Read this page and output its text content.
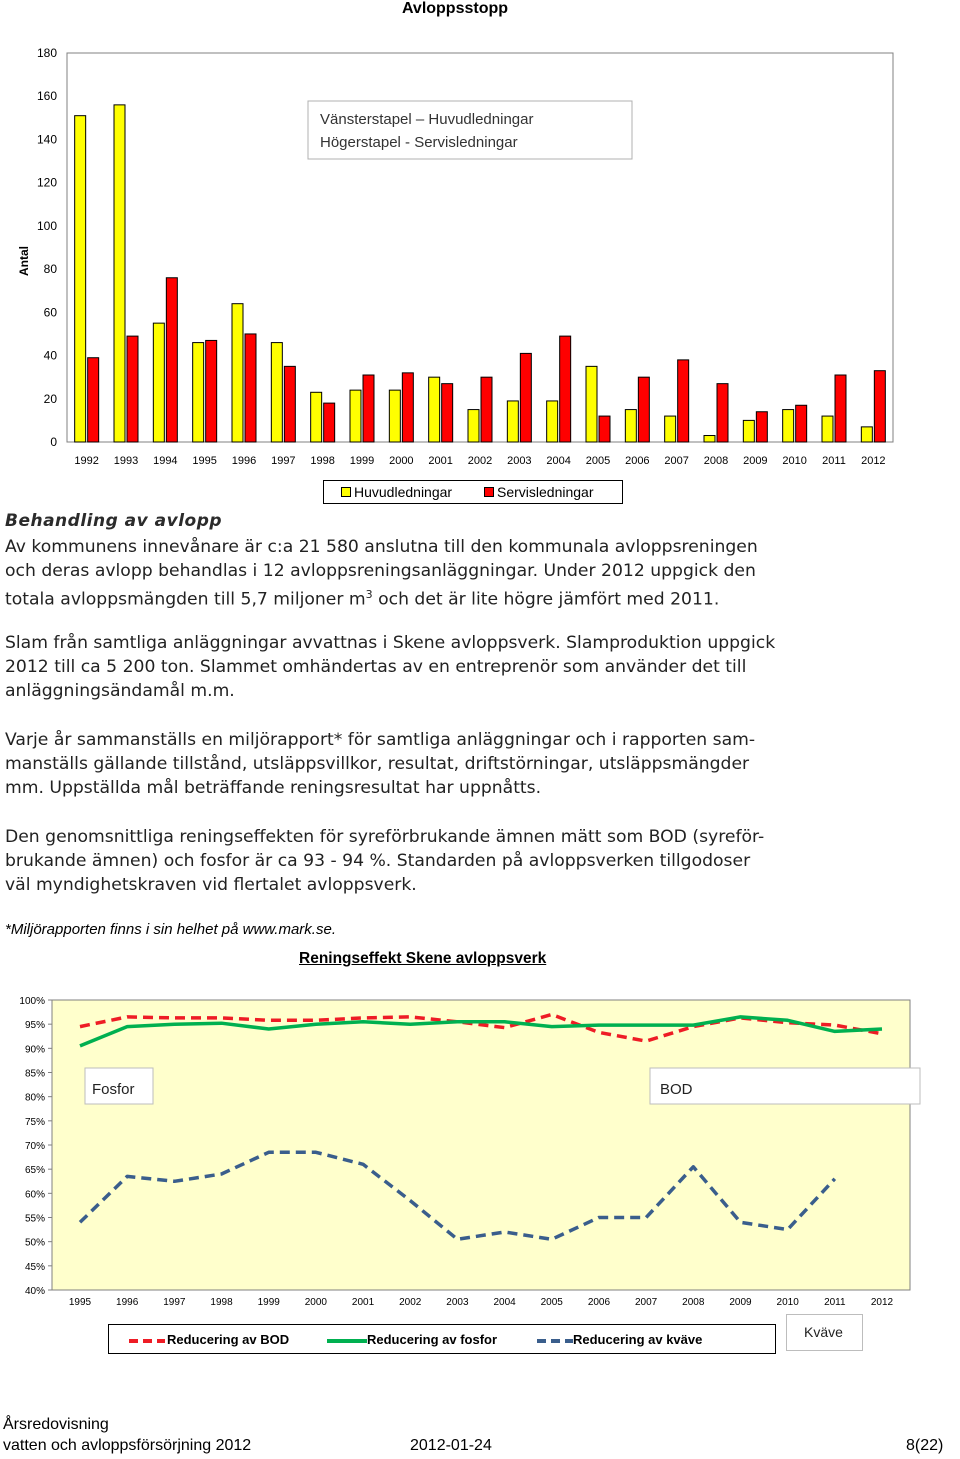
Avloppsstopp
Antal
0
20
40
60
80
100
120
140
160
180
1992 1993 1994 1995 1996 1997 1998 1999 2000 2001 2002 2003 2004 2005 2006 2007 2008 2009 2010 2011 2012
Vänsterstapel – Huvudledningar
Högerstapel - Servisledningar
Huvudledningar	Servisledningar
Behandling av avlopp
Av kommunens innevånare är c:a 21 580 anslutna till den kommunala avloppsreningen
och deras avlopp behandlas i 12 avloppsreningsanläggningar. Under 2012 uppgick den
totala avloppsmängden till 5,7 miljoner $m^3$ och det är lite högre jämfört med 2011.
Slam från samtliga anläggningar avvattnas i Skene avloppsverk. Slamproduktion uppgick
2012 till ca 5 200 ton. Slammet omhändertas av en entreprenör som använder det till
anläggningsändamål m.m.
Varje år sammanställs en miljörapport* för samtliga anläggningar och i rapporten sam-
manställs gällande tillstånd, utsläppsvillkor, resultat, driftstörningar, utsläppsmängder
mm. Uppställda mål beträffande reningsresultat har uppnåtts.
Den genomsnittliga reningseffekten för syreförbrukande ämnen mätt som BOD (syreför-
brukande ämnen) och fosfor är ca 93 - 94 %. Standarden på avloppsverken tillgodoser
väl myndighetskraven vid flertalet avloppsverk.
*Miljörapporten finns i sin helhet på www.mark.se.
Reningseffekt Skene avloppsverk
40%
45%
50%
55%
60%
65%
70%
75%
80%
85%
90%
95%
100%
1995 1996 1997 1998 1999 2000 2001 2002 2003 2004 2005 2006 2007 2008 2009 2010	2011	2012
Fosfor	BOD
Reducering av BOD	Reducering av fosfor	Reducering av kväve	Kväve
Årsredovisning
vatten och avloppsförsörjning 2012	2012-01-24	8(22)
